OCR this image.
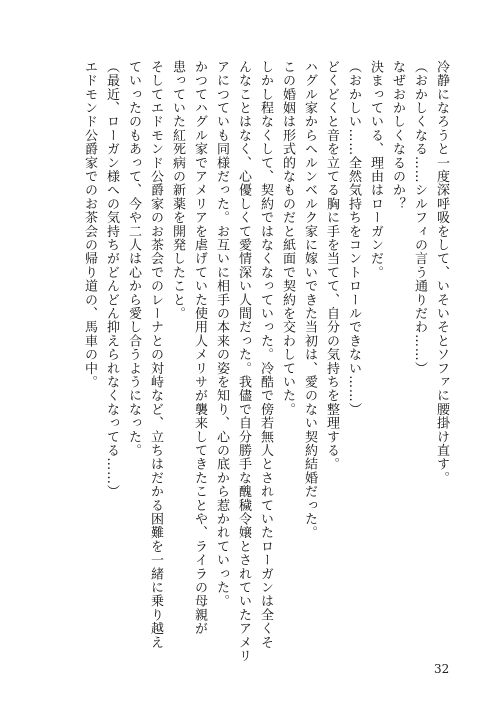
冷静になろうと一度深呼吸をして、いそいそとソファに腰掛け直す。
（おかしくなる……シルフィの言う通りだわ……）
なぜおかしくなるのか？
決まっている、理由はローガンだ。
（おかしい……全然気持ちをコントロールできない……）
どくどくと音を立てる胸に手を当てて、自分の気持ちを整理する。
ハグル家からヘルンベルク家に嫁いできた当初は、愛のない契約結婚だった。
この婚姻は形式的なものだと紙面で契約を交わしていた。
しかし程なくして、契約ではなくなっていった。冷酷で傍若無人とされていたローガンは全くそ
んなことはなく、心優しくて愛情深い人間だった。我儘で自分勝手な醜穢令嬢とされていたアメリ
アにつていも同様だった。お互いに相手の本来の姿を知り、心の底から惹かれていった。
かつてハグル家でアメリアを虐げていた使用人メリサが襲来してきたことや、ライラの母親が
患っていた紅死病の新薬を開発したこと。
そしてエドモンド公爵家のお茶会でのレーナとの対峙など、立ちはだかる困難を一緒に乗り越え
ていったのもあって、今や二人は心から愛し合うようになった。
（最近、ローガン様への気持ちがどんどん抑えられなくなってる……）
エドモンド公爵家でのお茶会の帰り道の、馬車の中。
32
